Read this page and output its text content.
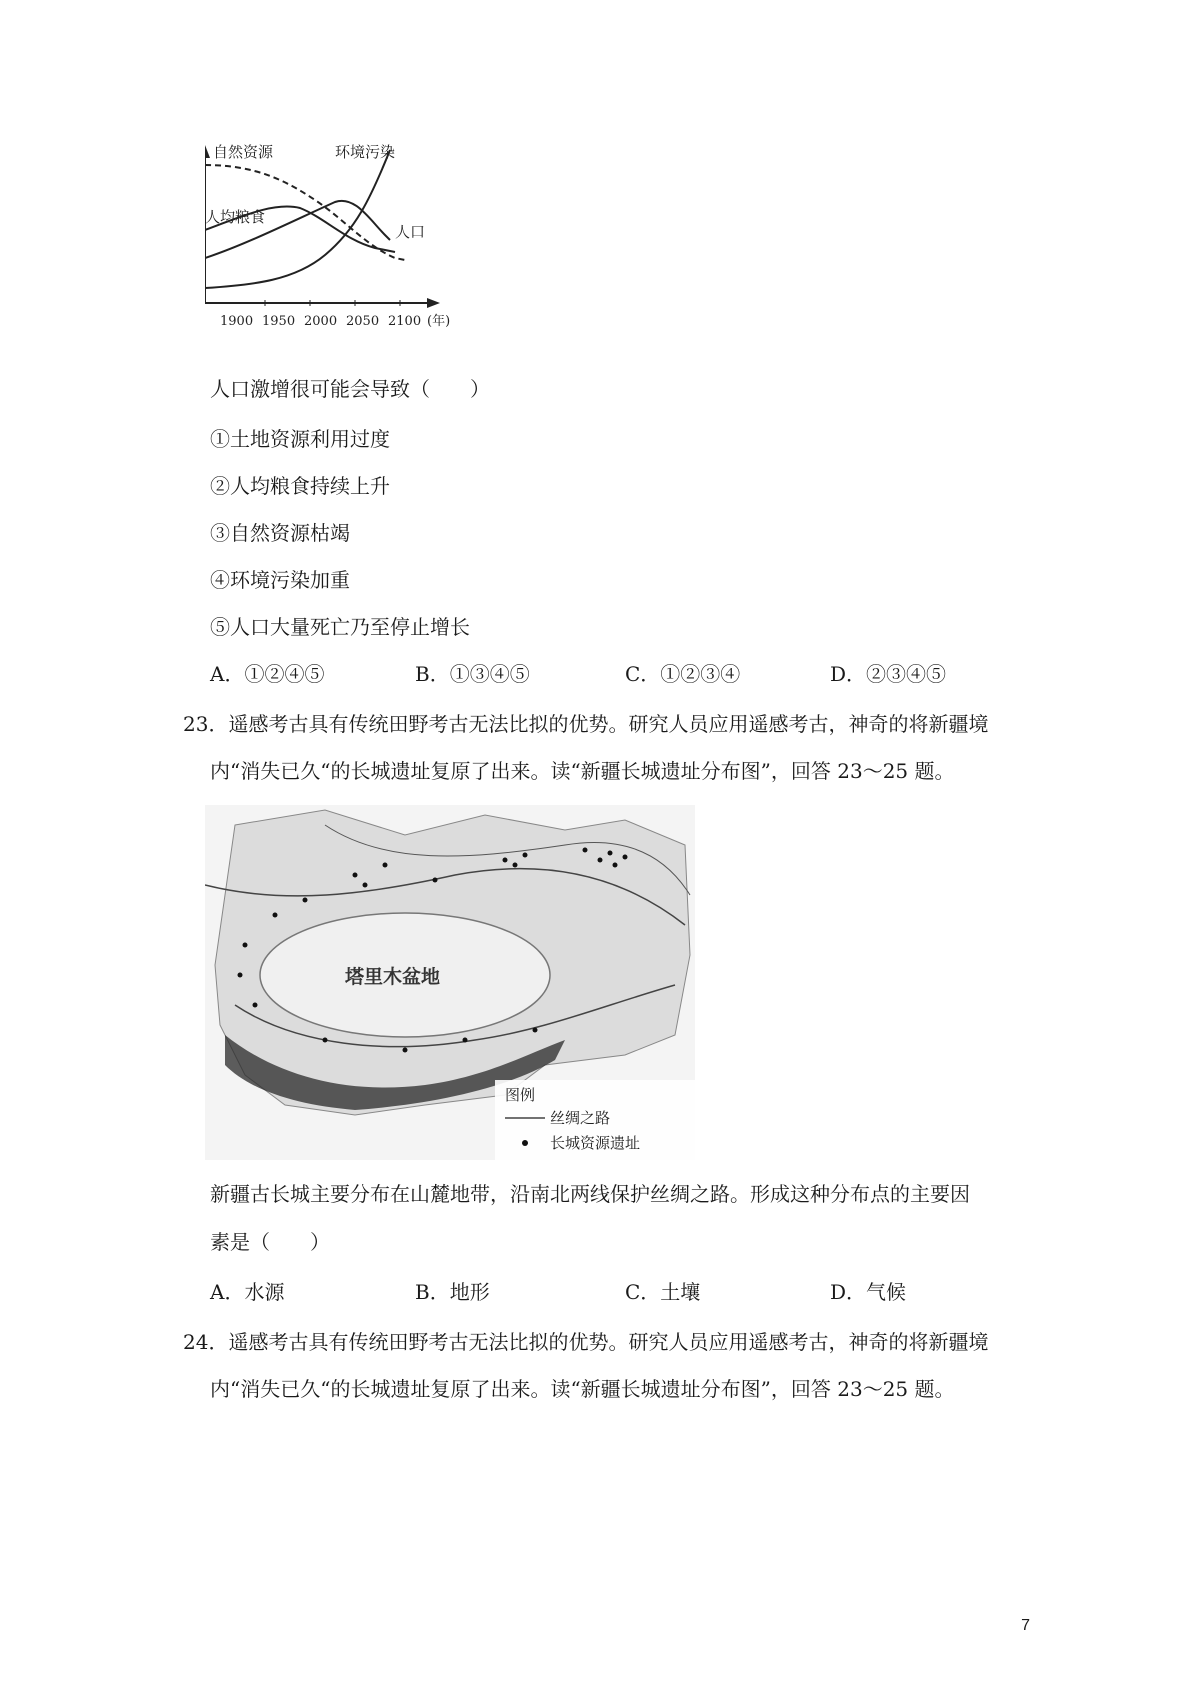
自然资源
人均粮食
环境污染
人口
1900 1950 2000 2050 2100 (年)
人口激增很可能会导致（　　）
①土地资源利用过度
②人均粮食持续上升
③自然资源枯竭
④环境污染加重
⑤人口大量死亡乃至停止增长
A．①②④⑤	B．①③④⑤	C．①②③④	D．②③④⑤
23．遥感考古具有传统田野考古无法比拟的优势。研究人员应用遥感考古，神奇的将新疆境
内“消失已久“的长城遗址复原了出来。读“新疆长城遗址分布图”，回答 23～25 题。
塔里木盆地
图例
丝绸之路
长城资源遗址
新疆古长城主要分布在山麓地带，沿南北两线保护丝绸之路。形成这种分布点的主要因
素是（　　）
A．水源	B．地形	C．土壤	D．气候
24．遥感考古具有传统田野考古无法比拟的优势。研究人员应用遥感考古，神奇的将新疆境
内“消失已久“的长城遗址复原了出来。读“新疆长城遗址分布图”，回答 23～25 题。
7
